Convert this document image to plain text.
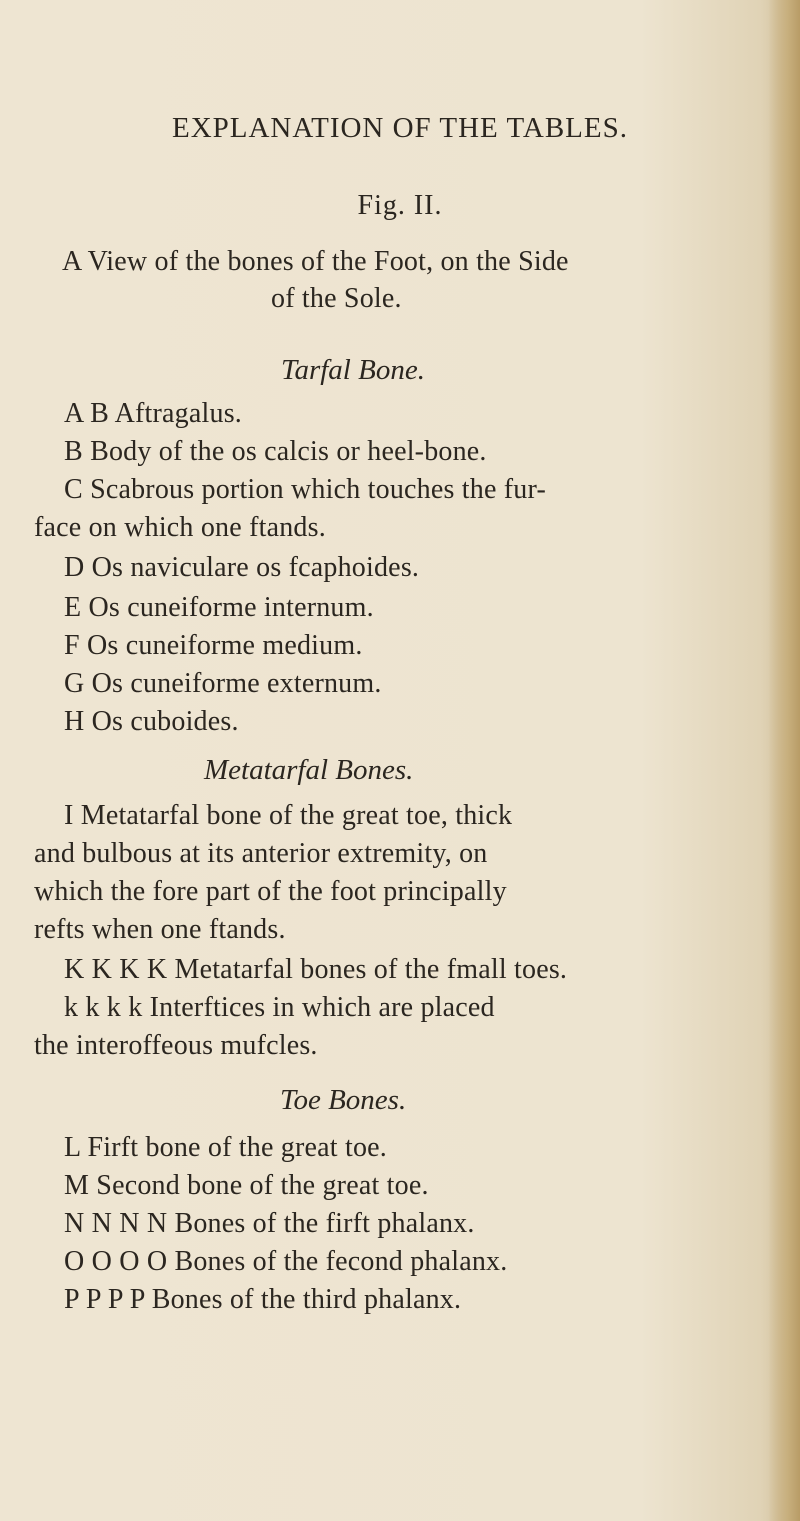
EXPLANATION OF THE TABLES.
Fig. II.
A View of the bones of the Foot, on the Side
of the Sole.
Tarfal Bone.
A B Aftragalus.
B Body of the os calcis or heel-bone.
C Scabrous portion which touches the fur-
face on which one ftands.
D Os naviculare os fcaphoides.
E Os cuneiforme internum.
F Os cuneiforme medium.
G Os cuneiforme externum.
H Os cuboides.
Metatarfal Bones.
I Metatarfal bone of the great toe, thick
and bulbous at its anterior extremity, on
which the fore part of the foot principally
refts when one ftands.
K K K K Metatarfal bones of the fmall toes.
k k k k Interftices in which are placed
the interoffeous mufcles.
Toe Bones.
L Firft bone of the great toe.
M Second bone of the great toe.
N N N N Bones of the firft phalanx.
O O O O Bones of the fecond phalanx.
P P P P Bones of the third phalanx.
